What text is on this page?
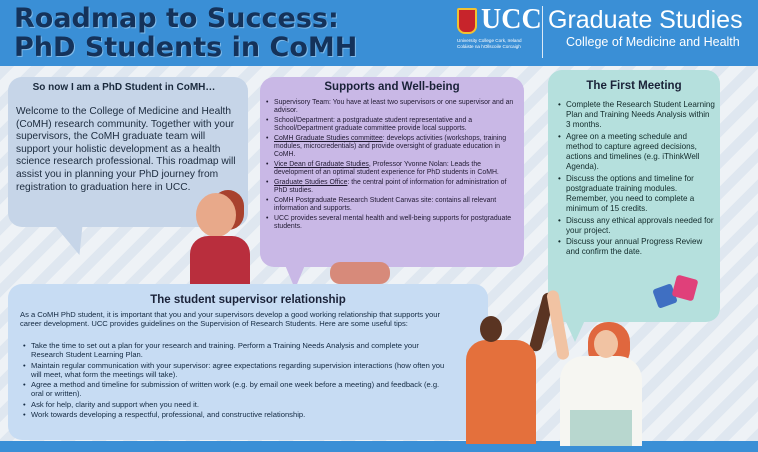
Roadmap to Success:
PhD Students in CoMH
UCC
University College Cork, Ireland
Coláiste na hOllscoile Corcaigh
Graduate Studies
College of Medicine and Health
So now I am a PhD Student in CoMH…
Welcome to the College of Medicine and Health (CoMH) research community. Together with your supervisors, the CoMH graduate team will support your holistic development as a health science research professional. This roadmap will assist you in planning your PhD journey from registration to graduation here in UCC.
Supports and Well-being
• Supervisory Team: You have at least two supervisors or one supervisor and an advisor.
• School/Department: a postgraduate student representative and a School/Department graduate committee provide local supports.
• CoMH Graduate Studies committee: develops activities (workshops, training modules, microcredentials) and provide oversight of graduate education in CoMH.
• Vice Dean of Graduate Studies, Professor Yvonne Nolan: Leads the development of an optimal student experience for PhD students in CoMH.
• Graduate Studies Office: the central point of information for administration of PhD studies.
• CoMH Postgraduate Research Student Canvas site: contains all relevant information and supports.
• UCC provides several mental health and well-being supports for postgraduate students.
The First Meeting
• Complete the Research Student Learning Plan and Training Needs Analysis within 3 months.
• Agree on a meeting schedule and method to capture agreed decisions, actions and timelines (e.g. iThinkWell Agenda).
• Discuss the options and timeline for postgraduate training modules. Remember, you need to complete a minimum of 15 credits.
• Discuss any ethical approvals needed for your project.
• Discuss your annual Progress Review and confirm the date.
The student supervisor relationship
As a CoMH PhD student, it is important that you and your supervisors develop a good working relationship that supports your career development. UCC provides guidelines on the Supervision of Research Students. Here are some useful tips:
• Take the time to set out a plan for your research and training. Perform a Training Needs Analysis and complete your Research Student Learning Plan.
• Maintain regular communication with your supervisor: agree expectations regarding supervision interactions (how often you will meet, what form the meetings will take).
• Agree a method and timeline for submission of written work (e.g. by email one week before a meeting) and feedback (e.g. oral or written).
• Ask for help, clarity and support when you need it.
• Work towards developing a respectful, professional, and constructive relationship.
